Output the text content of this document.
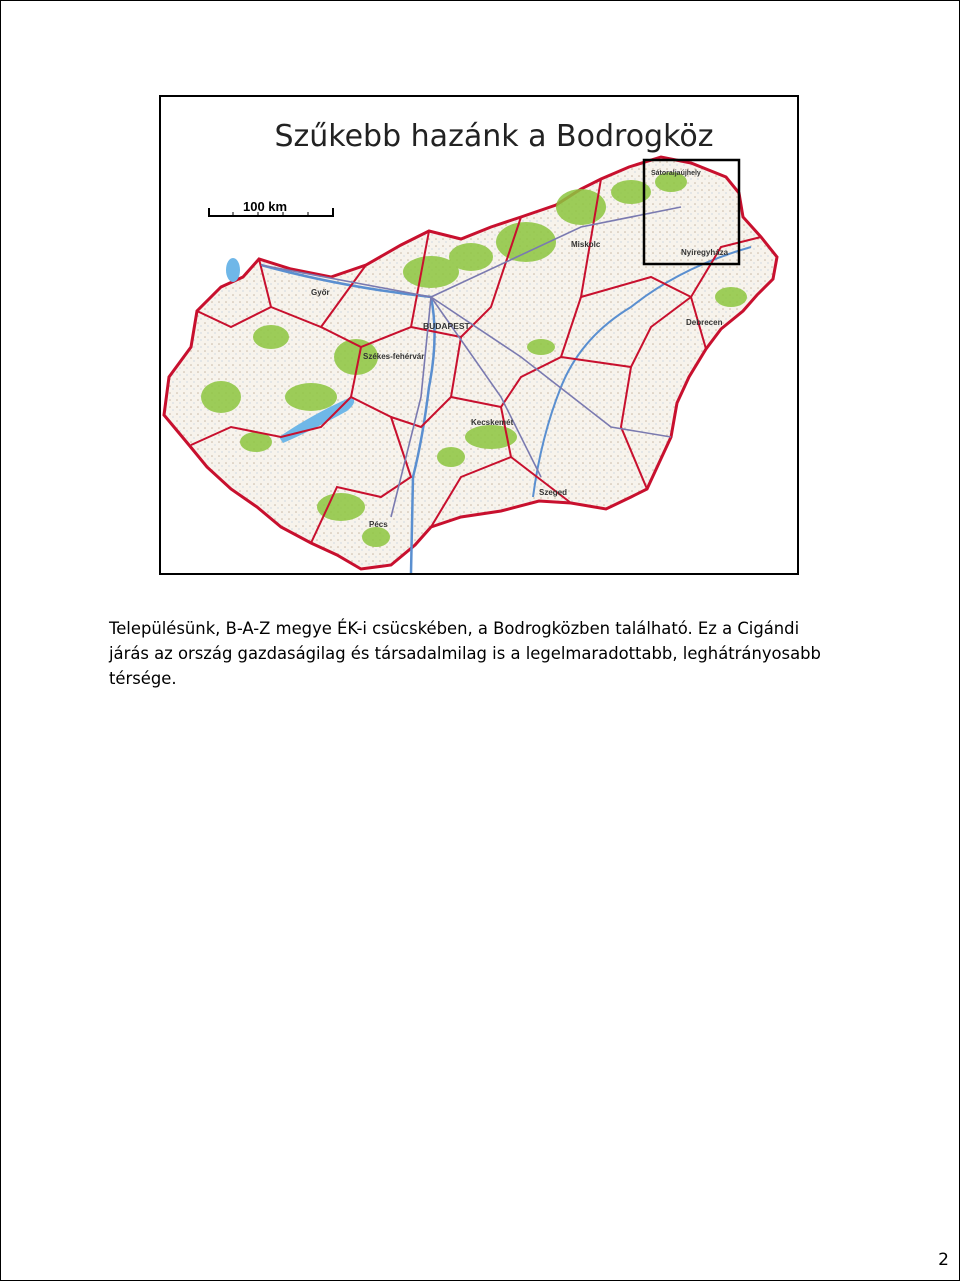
Szűkebb hazánk a Bodrogköz
Győr
BUDAPEST
Székes-fehérvár
Miskolc
Nyíregyháza
Debrecen
Kecskemét
Szeged
Pécs
Sátoraljaújhely
100 km
Településünk, B-A-Z megye ÉK-i csücskében, a Bodrogközben található. Ez a Cigándi
járás az ország gazdaságilag és társadalmilag is a legelmaradottabb, leghátrányosabb
térsége.
2
